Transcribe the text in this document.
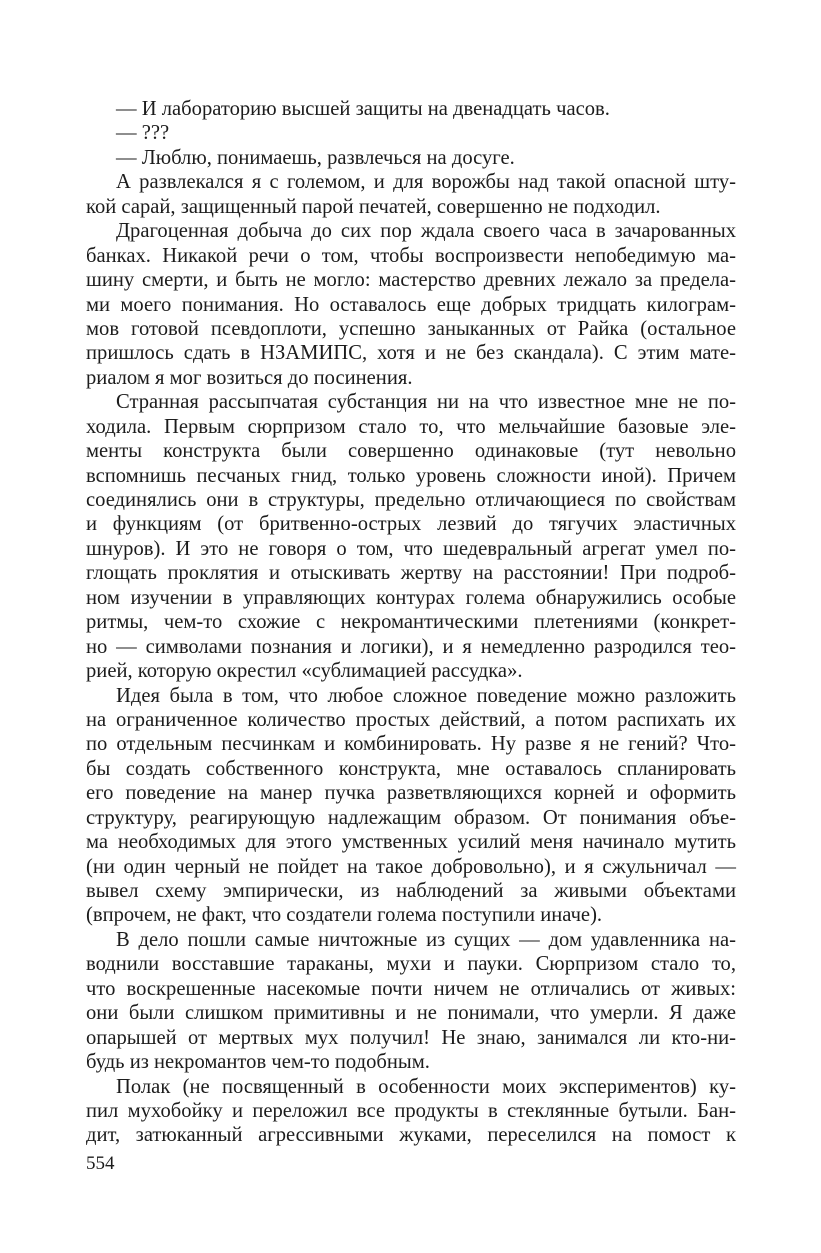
— И лабораторию высшей защиты на двенадцать часов.
— ???
— Люблю, понимаешь, развлечься на досуге.
А развлекался я с големом, и для ворожбы над такой опасной шту-
кой сарай, защищенный парой печатей, совершенно не подходил.
Драгоценная добыча до сих пор ждала своего часа в зачарованных
банках. Никакой речи о том, чтобы воспроизвести непобедимую ма-
шину смерти, и быть не могло: мастерство древних лежало за предела-
ми моего понимания. Но оставалось еще добрых тридцать килограм-
мов готовой псевдоплоти, успешно заныканных от Райка (остальное
пришлось сдать в НЗАМИПС, хотя и не без скандала). С этим мате-
риалом я мог возиться до посинения.
Странная рассыпчатая субстанция ни на что известное мне не по-
ходила. Первым сюрпризом стало то, что мельчайшие базовые эле-
менты конструкта были совершенно одинаковые (тут невольно
вспомнишь песчаных гнид, только уровень сложности иной). Причем
соединялись они в структуры, предельно отличающиеся по свойствам
и функциям (от бритвенно-острых лезвий до тягучих эластичных
шнуров). И это не говоря о том, что шедевральный агрегат умел по-
глощать проклятия и отыскивать жертву на расстоянии! При подроб-
ном изучении в управляющих контурах голема обнаружились особые
ритмы, чем-то схожие с некромантическими плетениями (конкрет-
но — символами познания и логики), и я немедленно разродился тео-
рией, которую окрестил «сублимацией рассудка».
Идея была в том, что любое сложное поведение можно разложить
на ограниченное количество простых действий, а потом распихать их
по отдельным песчинкам и комбинировать. Ну разве я не гений? Что-
бы создать собственного конструкта, мне оставалось спланировать
его поведение на манер пучка разветвляющихся корней и оформить
структуру, реагирующую надлежащим образом. От понимания объе-
ма необходимых для этого умственных усилий меня начинало мутить
(ни один черный не пойдет на такое добровольно), и я сжульничал —
вывел схему эмпирически, из наблюдений за живыми объектами
(впрочем, не факт, что создатели голема поступили иначе).
В дело пошли самые ничтожные из сущих — дом удавленника на-
воднили восставшие тараканы, мухи и пауки. Сюрпризом стало то,
что воскрешенные насекомые почти ничем не отличались от живых:
они были слишком примитивны и не понимали, что умерли. Я даже
опарышей от мертвых мух получил! Не знаю, занимался ли кто-ни-
будь из некромантов чем-то подобным.
Полак (не посвященный в особенности моих экспериментов) ку-
пил мухобойку и переложил все продукты в стеклянные бутыли. Бан-
дит, затюканный агрессивными жуками, переселился на помост к
554
